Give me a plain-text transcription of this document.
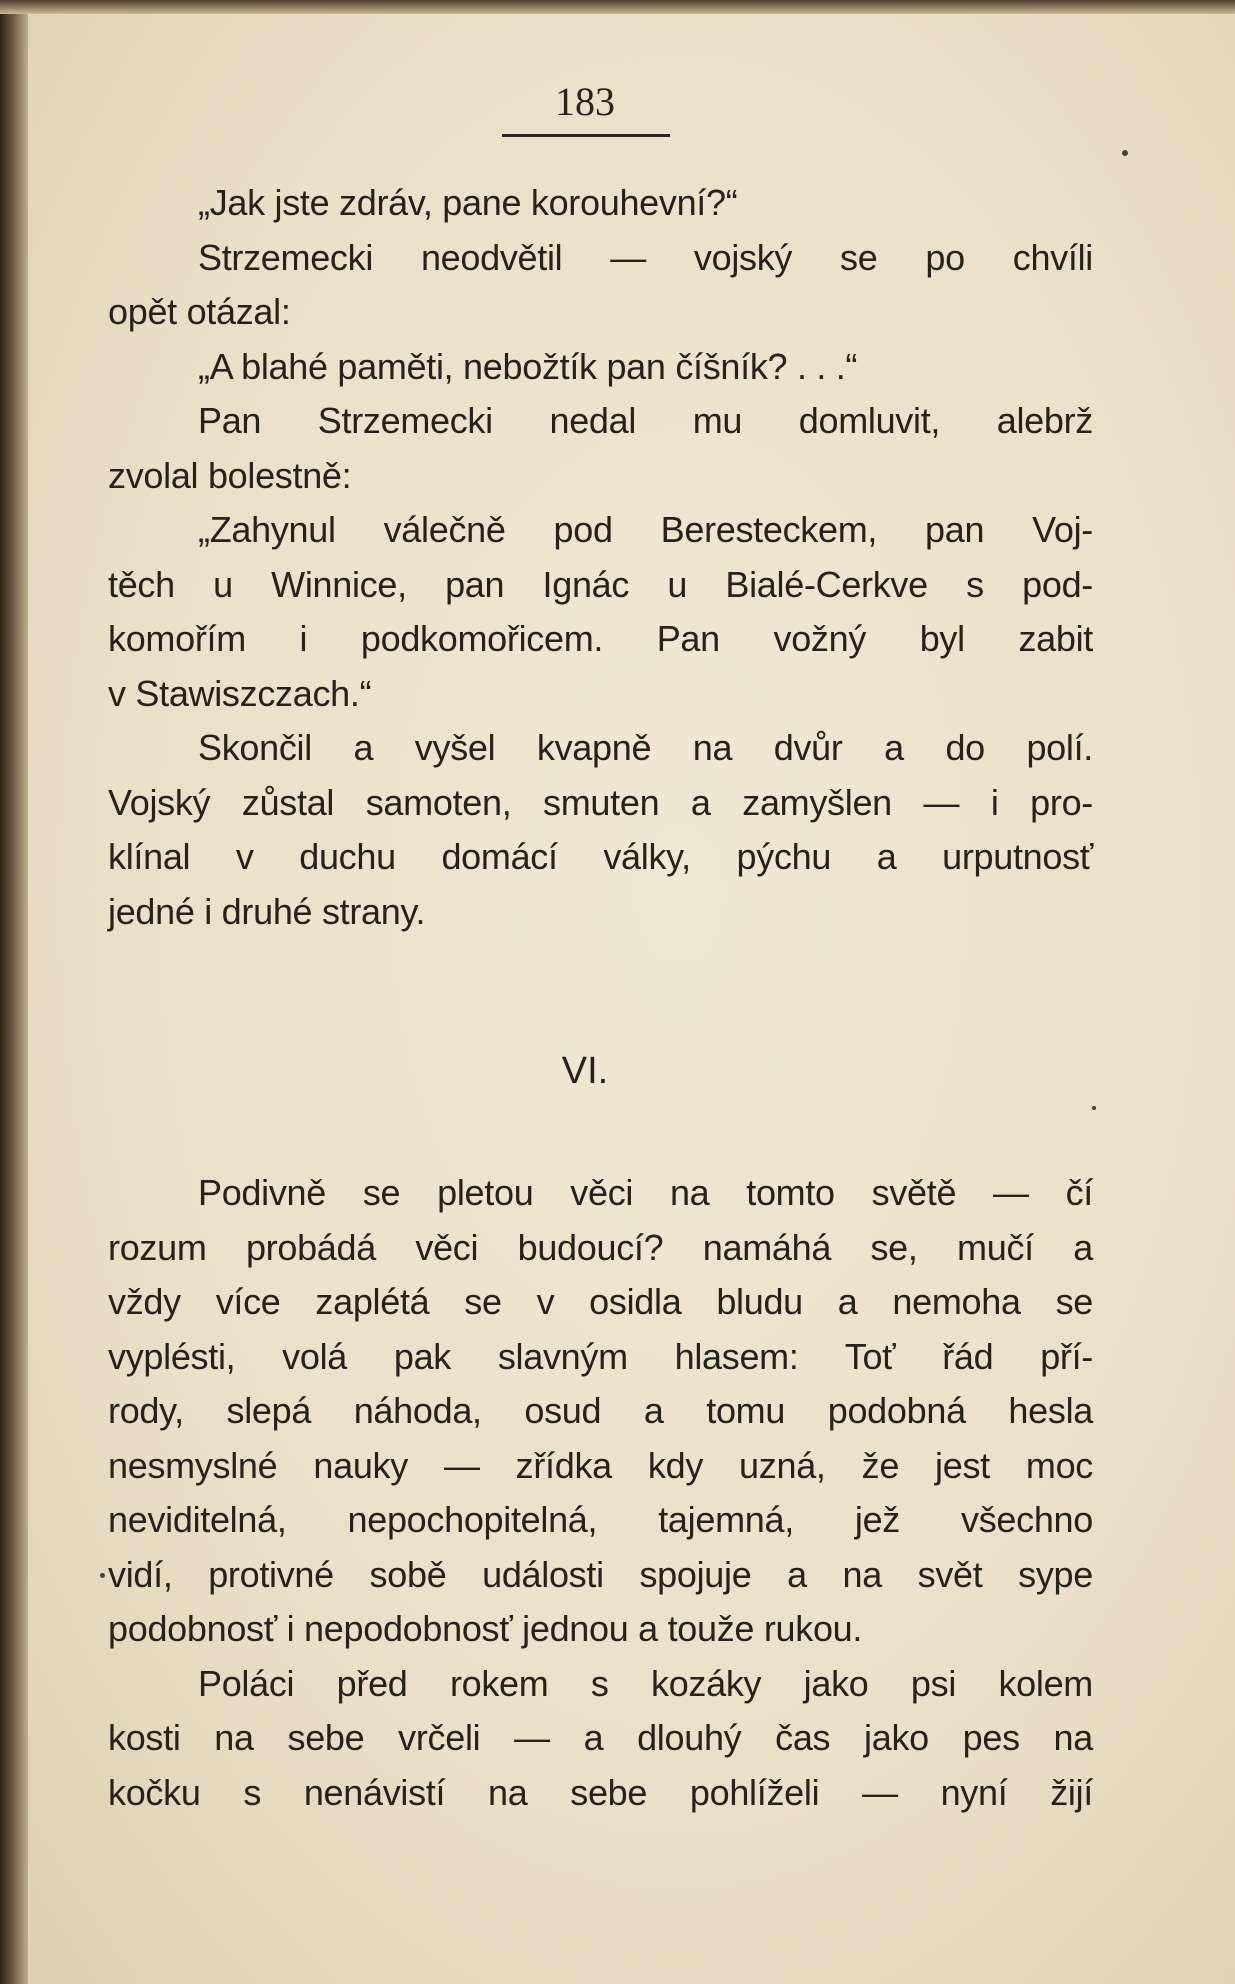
183
„Jak jste zdráv, pane korouhevní?“
Strzemecki neodvětil — vojský se po chvíli
opět otázal:
„A blahé paměti, nebožtík pan číšník? . . .“
Pan Strzemecki nedal mu domluvit, alebrž
zvolal bolestně:
„Zahynul válečně pod Beresteckem, pan Voj-
těch u Winnice, pan Ignác u Bialé-Cerkve s pod-
komořím i podkomořicem. Pan vožný byl zabit
v Stawiszczach.“
Skončil a vyšel kvapně na dvůr a do polí.
Vojský zůstal samoten, smuten a zamyšlen — i pro-
klínal v duchu domácí války, pýchu a urputnosť
jedné i druhé strany.
VI.
Podivně se pletou věci na tomto světě — čí
rozum probádá věci budoucí? namáhá se, mučí a
vždy více zaplétá se v osidla bludu a nemoha se
vyplésti, volá pak slavným hlasem: Toť řád pří-
rody, slepá náhoda, osud a tomu podobná hesla
nesmyslné nauky — zřídka kdy uzná, že jest moc
neviditelná, nepochopitelná, tajemná, jež všechno
vidí, protivné sobě události spojuje a na svět sype
podobnosť i nepodobnosť jednou a touže rukou.
Poláci před rokem s kozáky jako psi kolem
kosti na sebe vrčeli — a dlouhý čas jako pes na
kočku s nenávistí na sebe pohlíželi — nyní žijí
